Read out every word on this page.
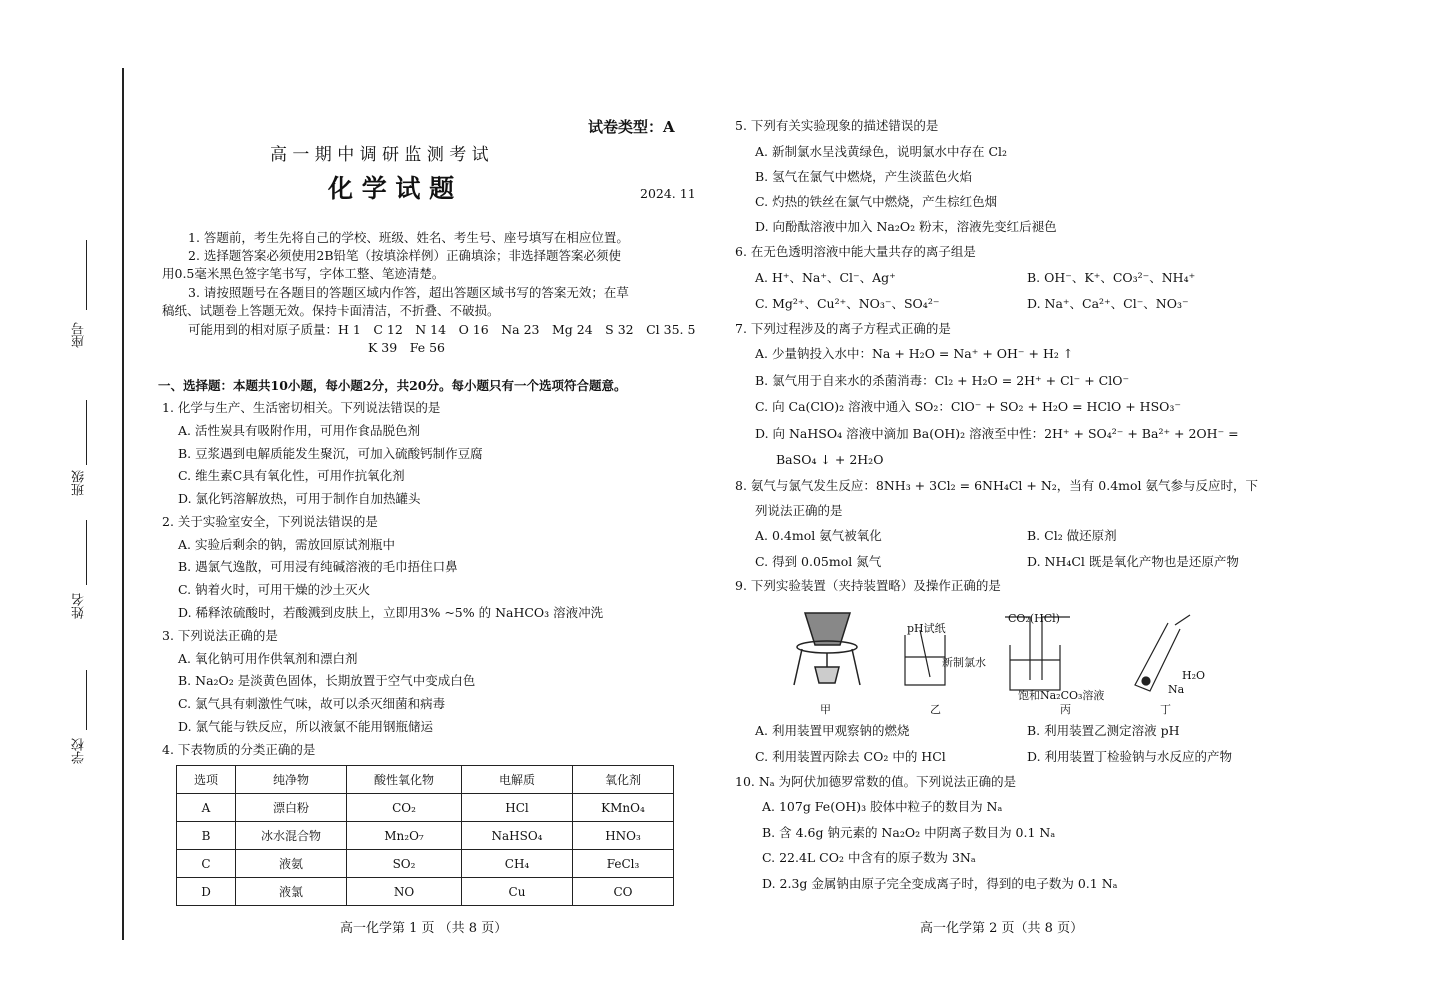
座号
班级
姓名
学校
试卷类型：A
高 一 期 中 调 研 监 测 考 试
化 学 试 题	2024. 11
1. 答题前，考生先将自己的学校、班级、姓名、考生号、座号填写在相应位置。
2. 选择题答案必须使用2B铅笔（按填涂样例）正确填涂；非选择题答案必须使
用0.5毫米黑色签字笔书写，字体工整、笔迹清楚。
3. 请按照题号在各题目的答题区域内作答，超出答题区域书写的答案无效；在草
稿纸、试题卷上答题无效。保持卡面清洁，不折叠、不破损。
可能用到的相对原子质量：H 1　C 12　N 14　O 16　Na 23　Mg 24　S 32　Cl 35. 5
K 39　Fe 56
一、选择题：本题共10小题，每小题2分，共20分。每小题只有一个选项符合题意。
1. 化学与生产、生活密切相关。下列说法错误的是
A. 活性炭具有吸附作用，可用作食品脱色剂
B. 豆浆遇到电解质能发生聚沉，可加入硫酸钙制作豆腐
C. 维生素C具有氧化性，可用作抗氧化剂
D. 氯化钙溶解放热，可用于制作自加热罐头
2. 关于实验室安全，下列说法错误的是
A. 实验后剩余的钠，需放回原试剂瓶中
B. 遇氯气逸散，可用浸有纯碱溶液的毛巾捂住口鼻
C. 钠着火时，可用干燥的沙土灭火
D. 稀释浓硫酸时，若酸溅到皮肤上，立即用3% ~5% 的 NaHCO₃ 溶液冲洗
3. 下列说法正确的是
A. 氧化钠可用作供氧剂和漂白剂
B. Na₂O₂ 是淡黄色固体，长期放置于空气中变成白色
C. 氯气具有刺激性气味，故可以杀灭细菌和病毒
D. 氯气能与铁反应，所以液氯不能用钢瓶储运
4. 下表物质的分类正确的是
选项	纯净物	酸性氧化物	电解质	氧化剂
A	漂白粉	CO₂	HCl	KMnO₄
B	冰水混合物	Mn₂O₇	NaHSO₄	HNO₃
C	液氨	SO₂	CH₄	FeCl₃
D	液氯	NO	Cu	CO
高一化学第 1 页 （共 8 页）
5. 下列有关实验现象的描述错误的是
A. 新制氯水呈浅黄绿色，说明氯水中存在 Cl₂
B. 氢气在氯气中燃烧，产生淡蓝色火焰
C. 灼热的铁丝在氯气中燃烧，产生棕红色烟
D. 向酚酞溶液中加入 Na₂O₂ 粉末，溶液先变红后褪色
6. 在无色透明溶液中能大量共存的离子组是
A. H⁺、Na⁺、Cl⁻、Ag⁺	B. OH⁻、K⁺、CO₃²⁻、NH₄⁺
C. Mg²⁺、Cu²⁺、NO₃⁻、SO₄²⁻	D. Na⁺、Ca²⁺、Cl⁻、NO₃⁻
7. 下列过程涉及的离子方程式正确的是
A. 少量钠投入水中：Na + H₂O = Na⁺ + OH⁻ + H₂ ↑
B. 氯气用于自来水的杀菌消毒：Cl₂ + H₂O = 2H⁺ + Cl⁻ + ClO⁻
C. 向 Ca(ClO)₂ 溶液中通入 SO₂：ClO⁻ + SO₂ + H₂O = HClO + HSO₃⁻
D. 向 NaHSO₄ 溶液中滴加 Ba(OH)₂ 溶液至中性：2H⁺ + SO₄²⁻ + Ba²⁺ + 2OH⁻ =
BaSO₄ ↓ + 2H₂O
8. 氨气与氯气发生反应：8NH₃ + 3Cl₂ = 6NH₄Cl + N₂，当有 0.4mol 氨气参与反应时，下
列说法正确的是
A. 0.4mol 氨气被氧化	B. Cl₂ 做还原剂
C. 得到 0.05mol 氮气	D. NH₄Cl 既是氧化产物也是还原产物
9. 下列实验装置（夹持装置略）及操作正确的是
pH试纸
新制氯水
CO₂(HCl)
饱和Na₂CO₃溶液
H₂O
Na
甲	乙	丙	丁
A. 利用装置甲观察钠的燃烧	B. 利用装置乙测定溶液 pH
C. 利用装置丙除去 CO₂ 中的 HCl	D. 利用装置丁检验钠与水反应的产物
10. Nₐ 为阿伏加德罗常数的值。下列说法正确的是
A. 107g Fe(OH)₃ 胶体中粒子的数目为 Nₐ
B. 含 4.6g 钠元素的 Na₂O₂ 中阴离子数目为 0.1 Nₐ
C. 22.4L CO₂ 中含有的原子数为 3Nₐ
D. 2.3g 金属钠由原子完全变成离子时，得到的电子数为 0.1 Nₐ
高一化学第 2 页（共 8 页）
